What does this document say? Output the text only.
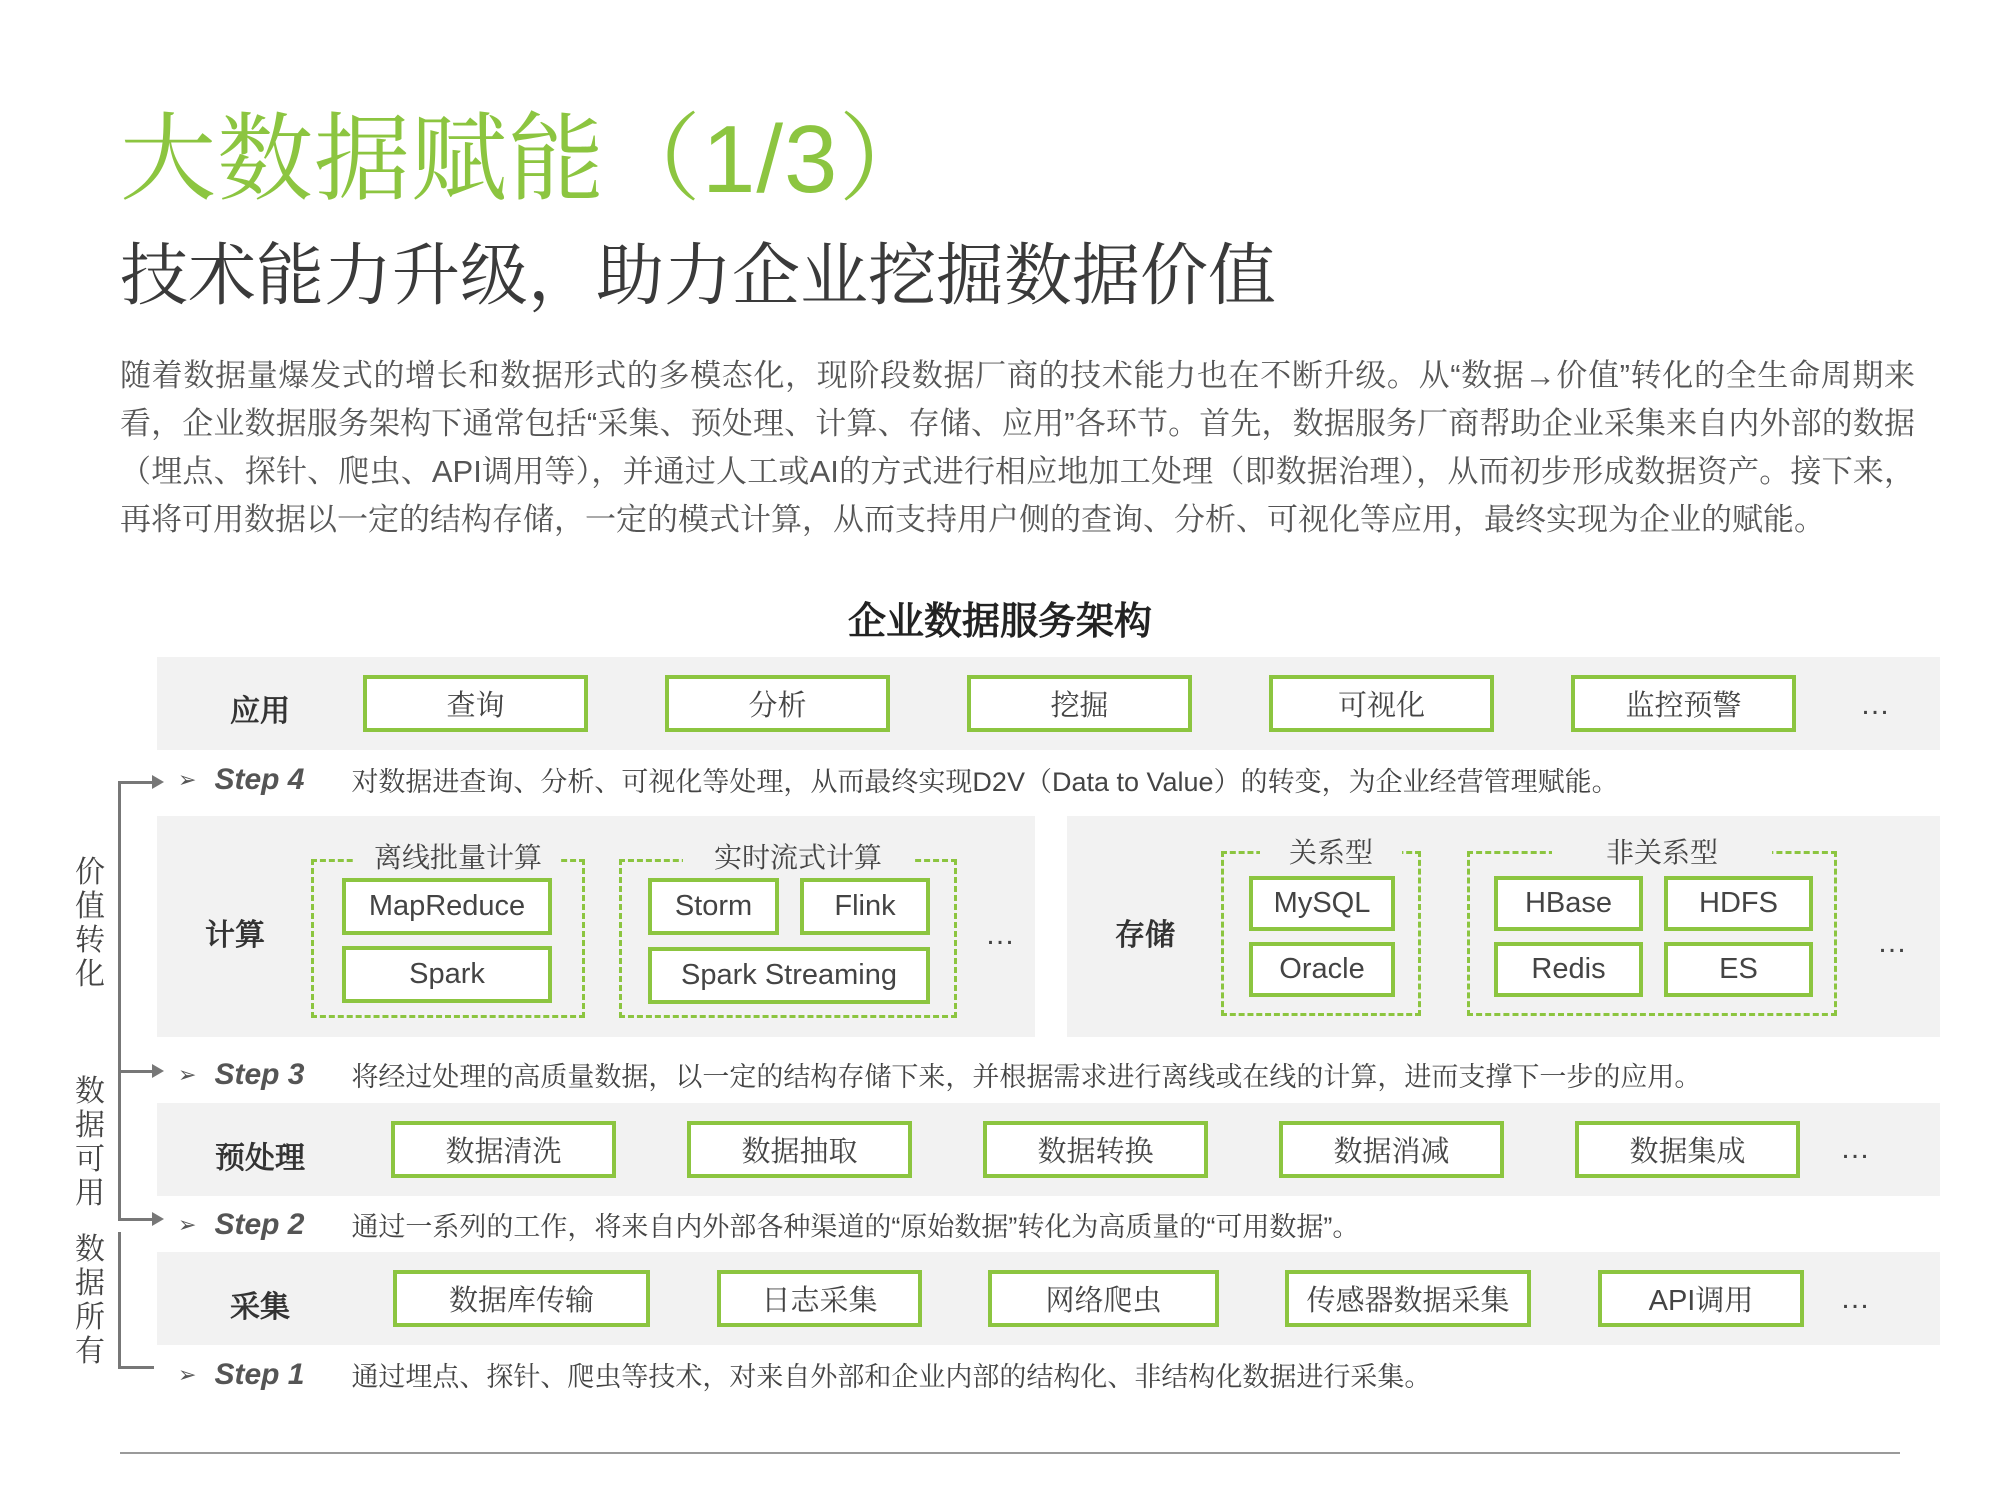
大数据赋能（1/3）
技术能力升级，助力企业挖掘数据价值
随着数据量爆发式的增长和数据形式的多模态化，现阶段数据厂商的技术能力也在不断升级。从“数据→价值”转化的全生命周期来看，企业数据服务架构下通常包括“采集、预处理、计算、存储、应用”各环节。首先，数据服务厂商帮助企业采集来自内外部的数据（埋点、探针、爬虫、API调用等），并通过人工或AI的方式进行相应地加工处理（即数据治理），从而初步形成数据资产。接下来，再将可用数据以一定的结构存储，一定的模式计算，从而支持用户侧的查询、分析、可视化等应用，最终实现为企业的赋能。
企业数据服务架构
应用	查询	分析	挖掘	可视化	监控预警	…
➢ Step 4	对数据进查询、分析、可视化等处理，从而最终实现D2V（Data to Value）的转变，为企业经营管理赋能。
计算
离线批量计算
MapReduce
Spark
实时流式计算
Storm	Flink
Spark Streaming
…	存储
关系型
MySQL
Oracle
非关系型
HBase	HDFS
Redis	ES
…
➢ Step 3	将经过处理的高质量数据，以一定的结构存储下来，并根据需求进行离线或在线的计算，进而支撑下一步的应用。
预处理	数据清洗	数据抽取	数据转换	数据消减	数据集成	…
➢ Step 2	通过一系列的工作，将来自内外部各种渠道的“原始数据”转化为高质量的“可用数据”。
采集	数据库传输	日志采集	网络爬虫	传感器数据采集	API调用	…
➢ Step 1	通过埋点、探针、爬虫等技术，对来自外部和企业内部的结构化、非结构化数据进行采集。
价值转化
数据可用
数据所有
